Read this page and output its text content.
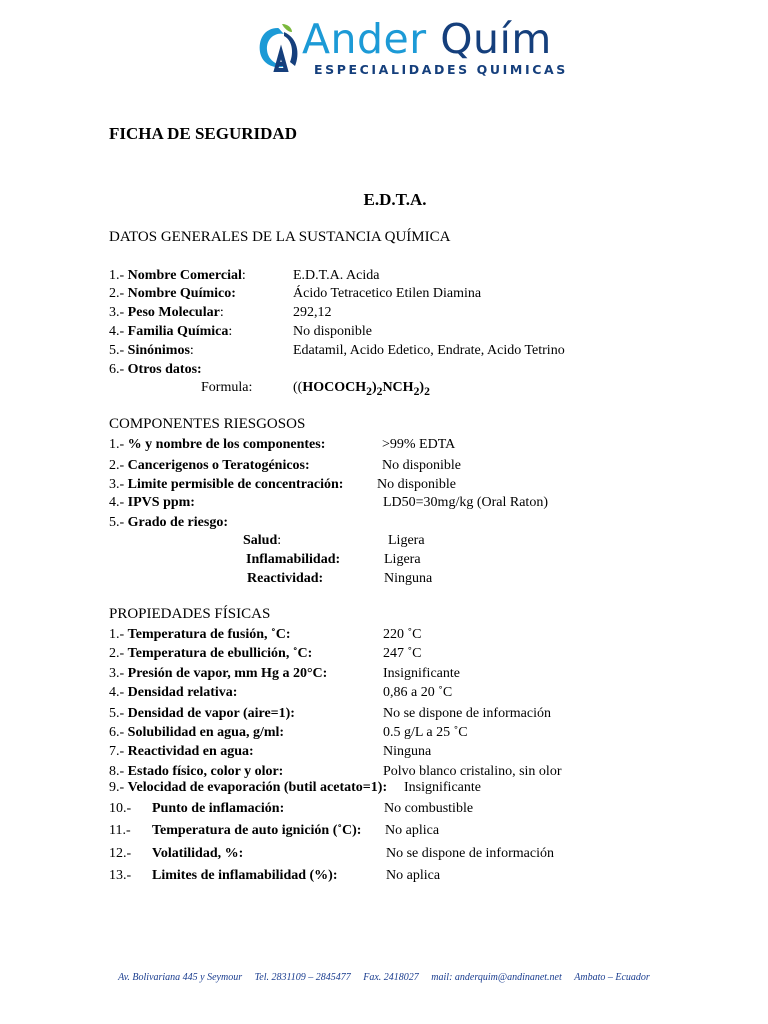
Ander Quím
ESPECIALIDADES QUIMICAS
FICHA DE SEGURIDAD
E.D.T.A.
DATOS GENERALES DE LA SUSTANCIA QUÍMICA
1.- Nombre Comercial:	E.D.T.A. Acida
2.- Nombre Químico:	Ácido Tetracetico Etilen Diamina
3.- Peso Molecular:	292,12
4.- Familia Química:	No disponible
5.- Sinónimos:	Edatamil, Acido Edetico, Endrate, Acido Tetrino
6.- Otros datos:
Formula:	$((HOCOCH_2)_2NCH_2)_2$
COMPONENTES RIESGOSOS
1.- % y nombre de los componentes:	>99% EDTA
2.- Cancerigenos o Teratogénicos:	No disponible
3.- Limite permisible de concentración: No disponible
4.- IPVS ppm:	LD50=30mg/kg (Oral Raton)
5.- Grado de riesgo:
Salud:	Ligera
Inflamabilidad:	Ligera
Reactividad:	Ninguna
PROPIEDADES FÍSICAS
1.- Temperatura de fusión, ˚C:	220 ˚C
2.- Temperatura de ebullición, ˚C:	247 ˚C
3.- Presión de vapor, mm Hg a 20°C:	Insignificante
4.- Densidad relativa:	0,86 a 20 ˚C
5.- Densidad de vapor (aire=1):	No se dispone de información
6.- Solubilidad en agua, g/ml:	0.5 g/L a 25 ˚C
7.- Reactividad en agua:	Ninguna
8.- Estado físico, color y olor:	Polvo blanco cristalino, sin olor
9.- Velocidad de evaporación (butil acetato=1): Insignificante
10.- Punto de inflamación:	No combustible
11.- Temperatura de auto ignición (˚C): No aplica
12.- Volatilidad, %:	No se dispone de información
13.- Limites de inflamabilidad (%):	No aplica
Av. Bolivariana 445 y Seymour Tel. 2831109 – 2845477 Fax. 2418027 mail: anderquim@andinanet.net Ambato – Ecuador
